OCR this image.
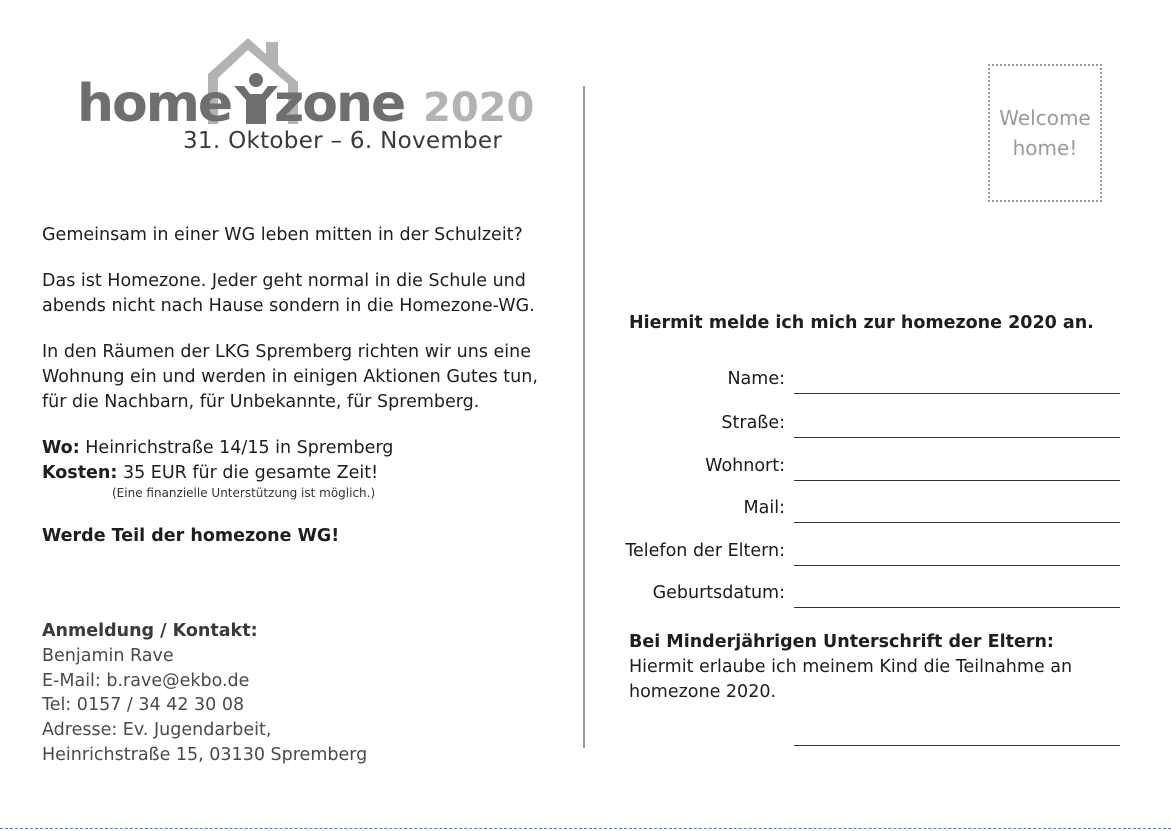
home zone 2020
31. Oktober – 6. November
Gemeinsam in einer WG leben mitten in der Schulzeit?
Das ist Homezone. Jeder geht normal in die Schule und
abends nicht nach Hause sondern in die Homezone-WG.
In den Räumen der LKG Spremberg richten wir uns eine
Wohnung ein und werden in einigen Aktionen Gutes tun,
für die Nachbarn, für Unbekannte, für Spremberg.
Wo: Heinrichstraße 14/15 in Spremberg
Kosten: 35 EUR für die gesamte Zeit!
(Eine finanzielle Unterstützung ist möglich.)
Werde Teil der homezone WG!
Anmeldung / Kontakt:
Benjamin Rave
E-Mail: b.rave@ekbo.de
Tel: 0157 / 34 42 30 08
Adresse: Ev. Jugendarbeit,
Heinrichstraße 15, 03130 Spremberg
Welcome
home!
Hiermit melde ich mich zur homezone 2020 an.
Name:
Straße:
Wohnort:
Mail:
Telefon der Eltern:
Geburtsdatum:
Bei Minderjährigen Unterschrift der Eltern:
Hiermit erlaube ich meinem Kind die Teilnahme an
homezone 2020.
